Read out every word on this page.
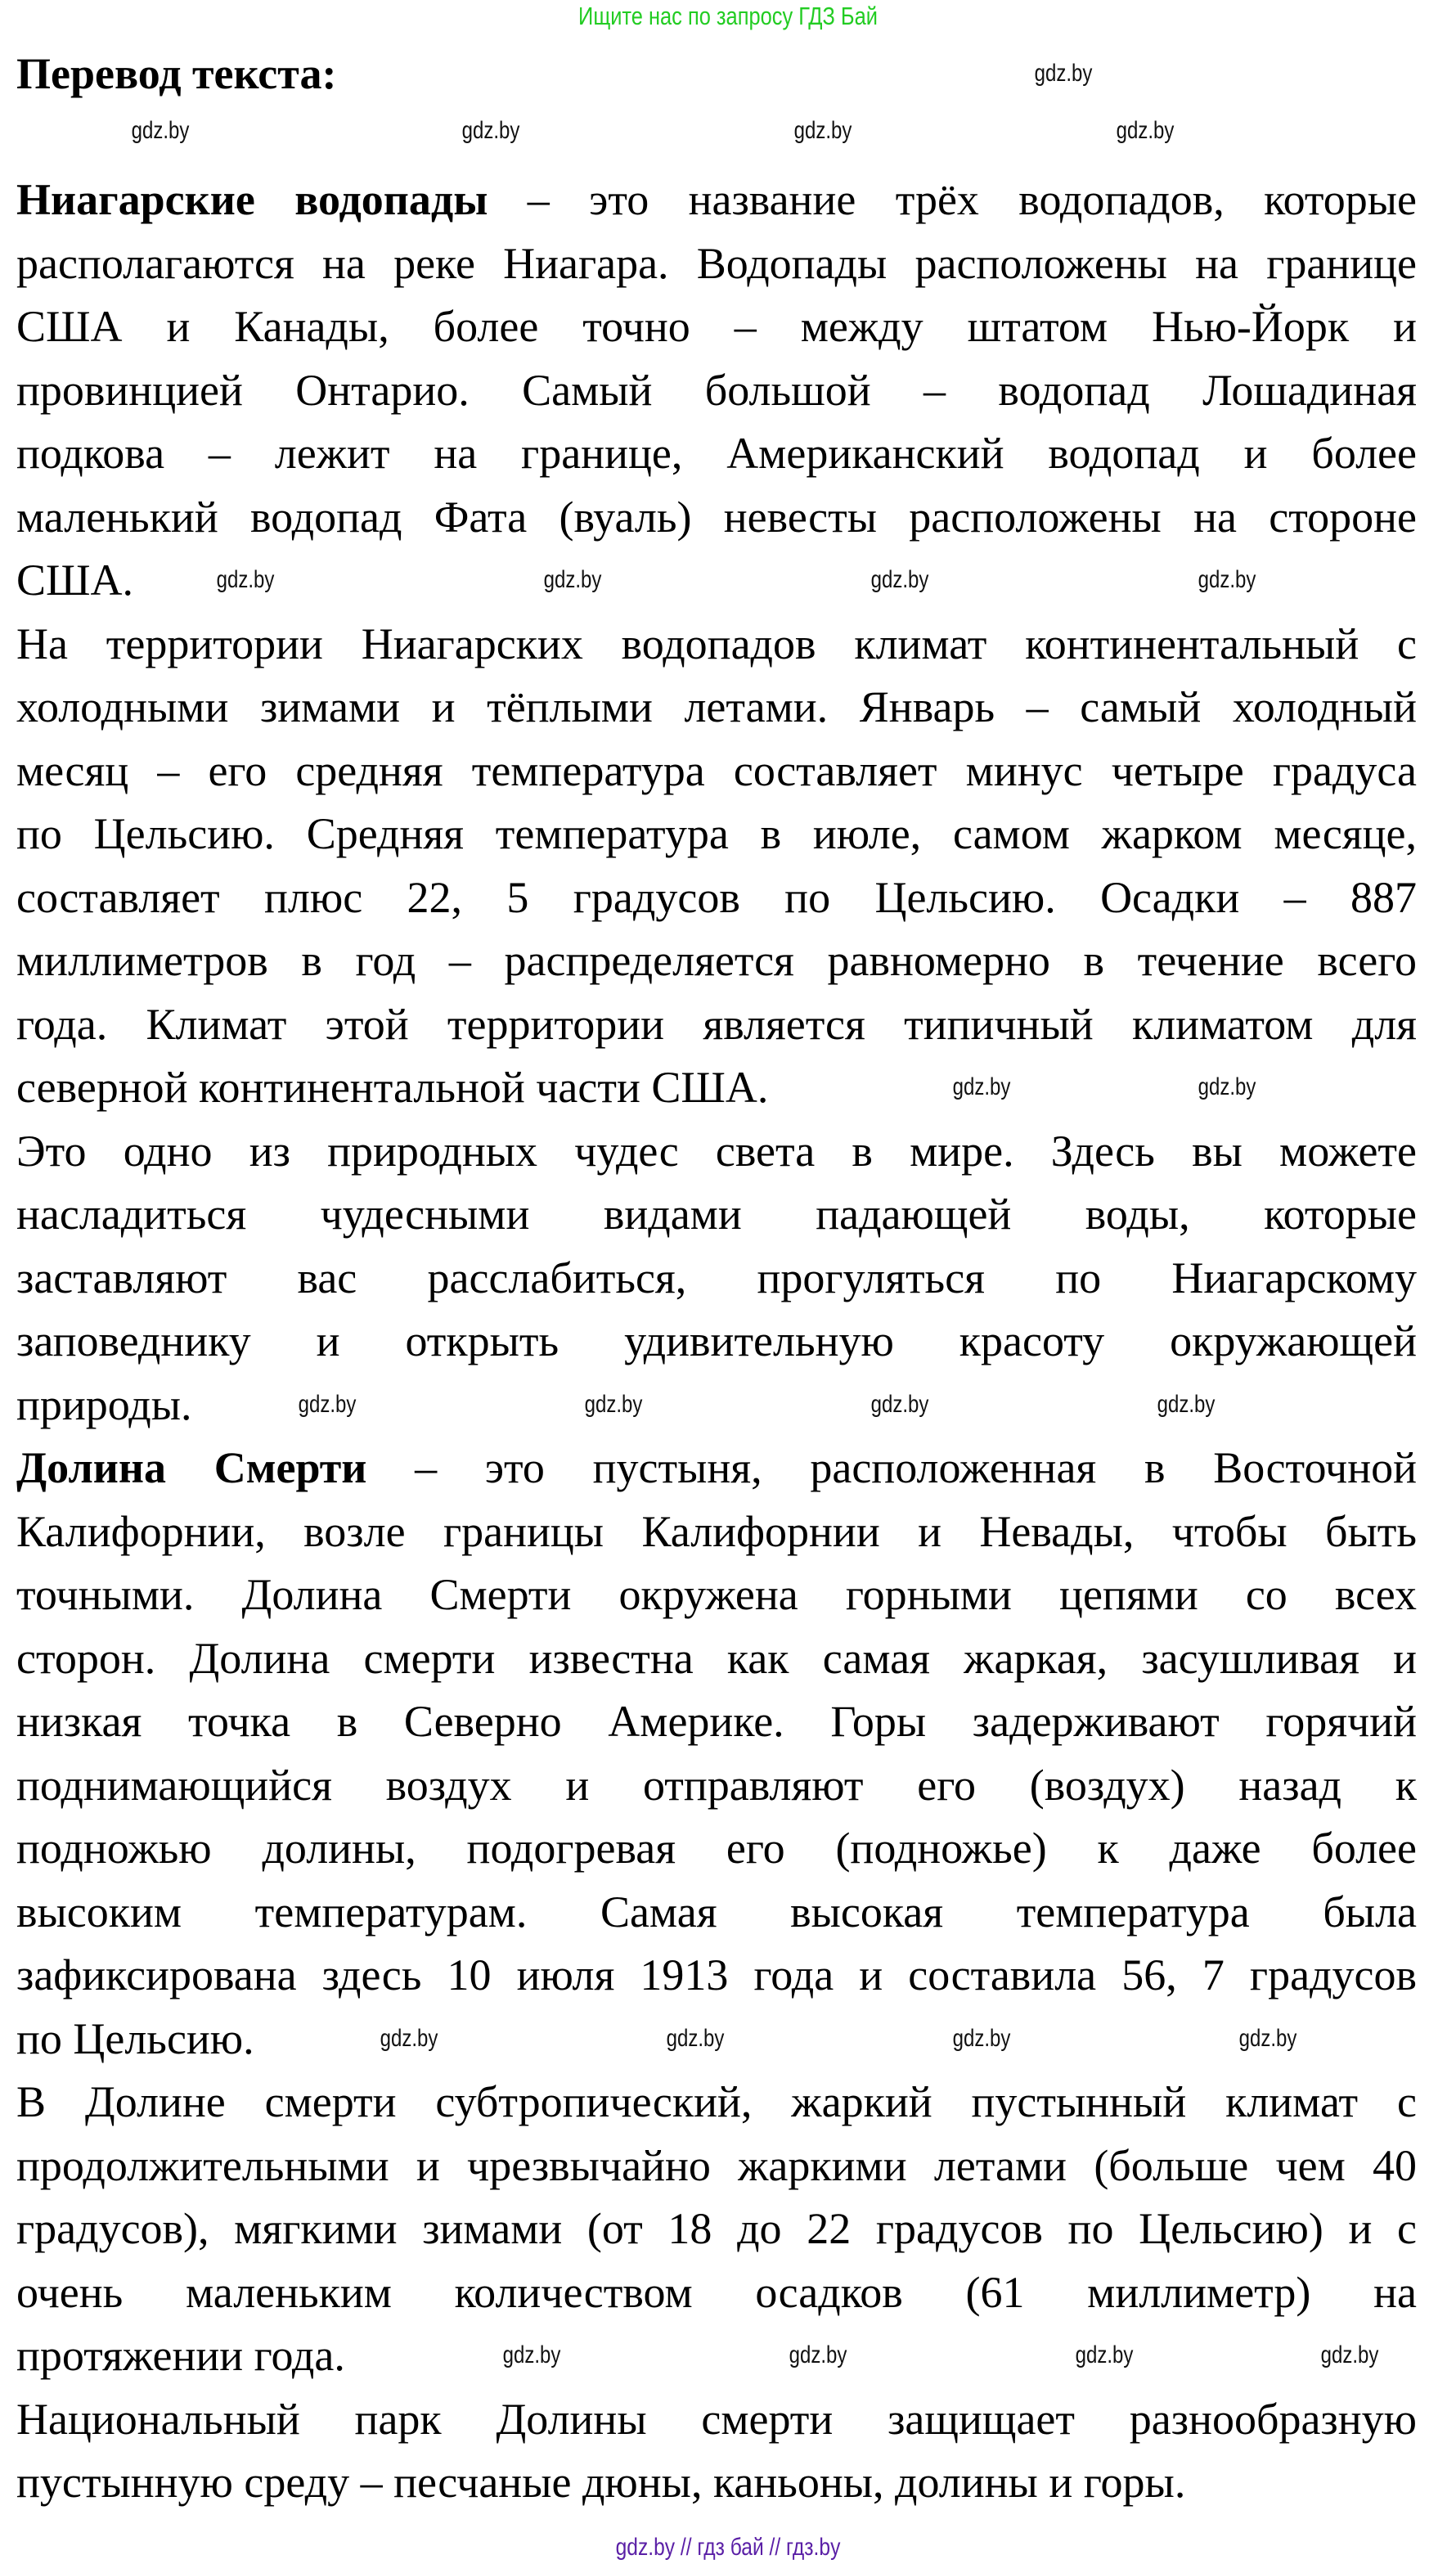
Ищите нас по запросу ГДЗ Бай
Перевод текста:
Ниагарские водопады – это название трёх водопадов, которые
располагаются на реке Ниагара. Водопады расположены на границе
США и Канады, более точно – между штатом Нью-Йорк и
провинцией Онтарио. Самый большой – водопад Лошадиная
подкова – лежит на границе, Американский водопад и более
маленький водопад Фата (вуаль) невесты расположены на стороне
США.
На территории Ниагарских водопадов климат континентальный с
холодными зимами и тёплыми летами. Январь – самый холодный
месяц – его средняя температура составляет минус четыре градуса
по Цельсию. Средняя температура в июле, самом жарком месяце,
составляет плюс 22, 5 градусов по Цельсию. Осадки – 887
миллиметров в год – распределяется равномерно в течение всего
года. Климат этой территории является типичный климатом для
северной континентальной части США.
Это одно из природных чудес света в мире. Здесь вы можете
насладиться чудесными видами падающей воды, которые
заставляют вас расслабиться, прогуляться по Ниагарскому
заповеднику и открыть удивительную красоту окружающей
природы.
Долина Смерти – это пустыня, расположенная в Восточной
Калифорнии, возле границы Калифорнии и Невады, чтобы быть
точными. Долина Смерти окружена горными цепями со всех
сторон. Долина смерти известна как самая жаркая, засушливая и
низкая точка в Северно Америке. Горы задерживают горячий
поднимающийся воздух и отправляют его (воздух) назад к
подножью долины, подогревая его (подножье) к даже более
высоким температурам. Самая высокая температура была
зафиксирована здесь 10 июля 1913 года и составила 56, 7 градусов
по Цельсию.
В Долине смерти субтропический, жаркий пустынный климат с
продолжительными и чрезвычайно жаркими летами (больше чем 40
градусов), мягкими зимами (от 18 до 22 градусов по Цельсию) и с
очень маленьким количеством осадков (61 миллиметр) на
протяжении года.
Национальный парк Долины смерти защищает разнообразную
пустынную среду – песчаные дюны, каньоны, долины и горы.
gdz.by	gdz.by	gdz.by	gdz.by
gdz.by
gdz.by	gdz.by	gdz.by	gdz.by
gdz.by	gdz.by
gdz.by	gdz.by	gdz.by	gdz.by
gdz.by	gdz.by	gdz.by	gdz.by
gdz.by	gdz.by	gdz.by	gdz.by
gdz.by // гдз бай // гдз.by
